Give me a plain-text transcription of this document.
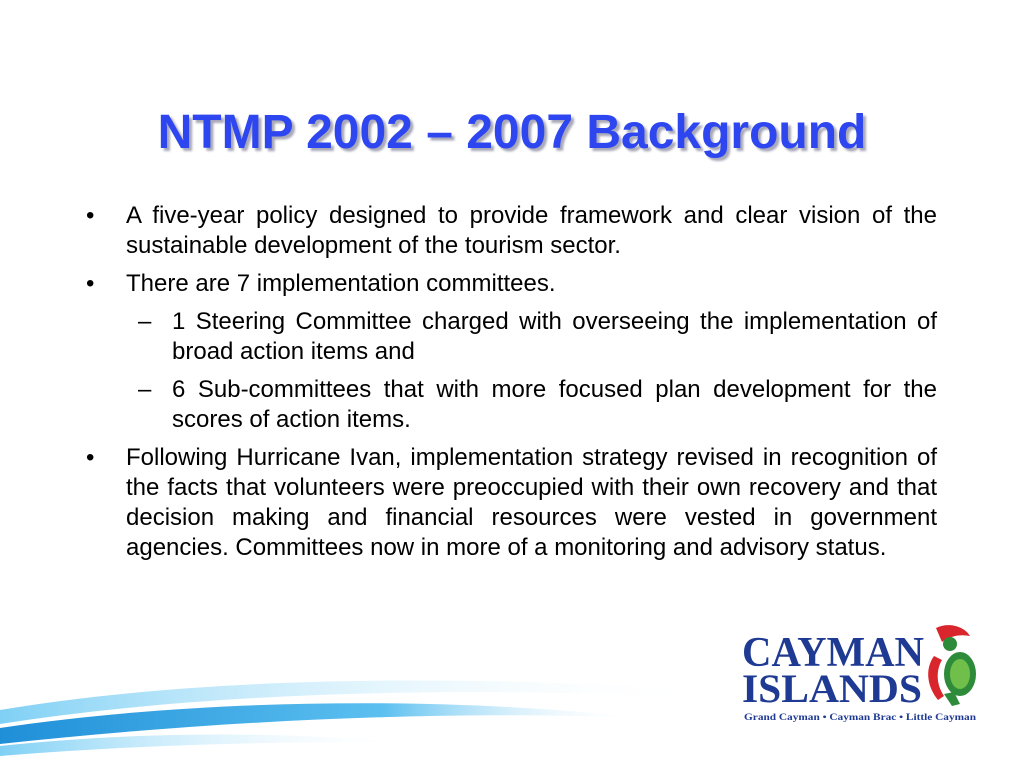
NTMP 2002 – 2007 Background
• A five-year policy designed to provide framework and clear vision of the sustainable development of the tourism sector.
• There are 7 implementation committees.
– 1 Steering Committee charged with overseeing the implementation of broad action items and
– 6 Sub-committees that with more focused plan development for the scores of action items.
• Following Hurricane Ivan, implementation strategy revised in recognition of the facts that volunteers were preoccupied with their own recovery and that decision making and financial resources were vested in government agencies. Committees now in more of a monitoring and advisory status.
CAYMAN
ISLANDS
Grand Cayman • Cayman Brac • Little Cayman
